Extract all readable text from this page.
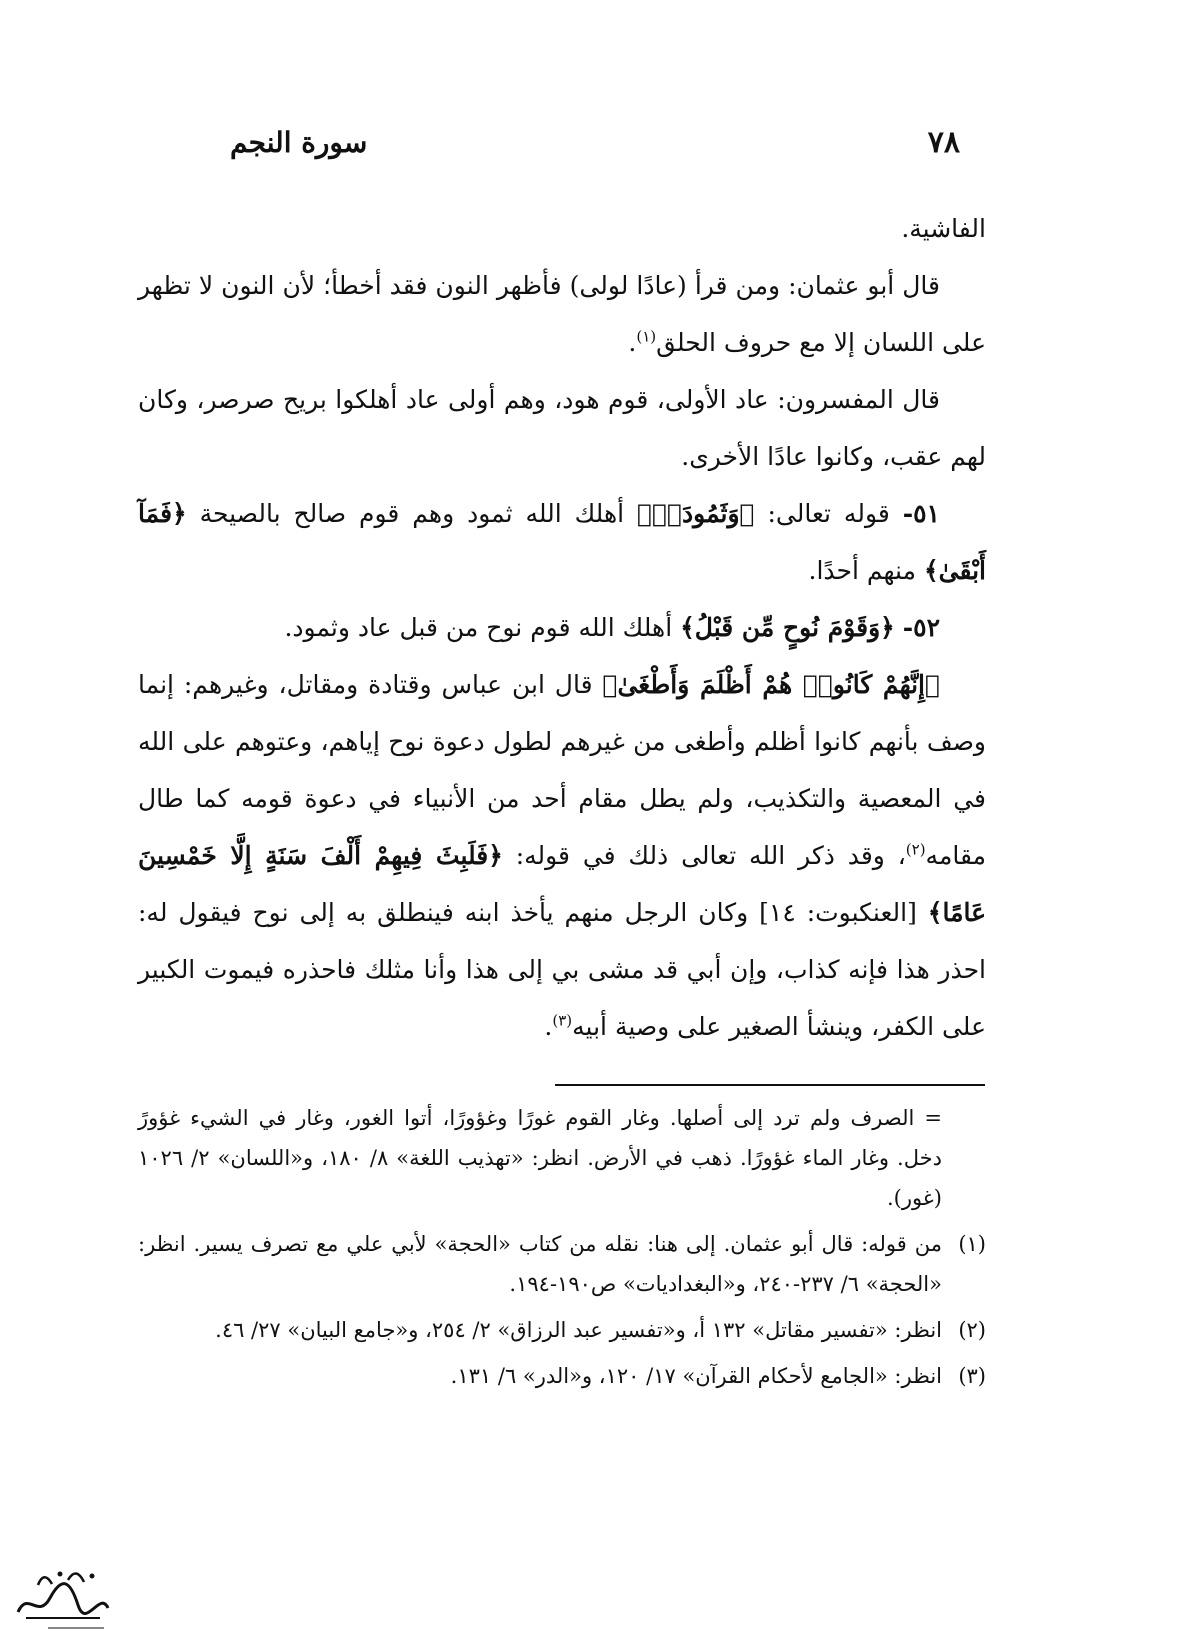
٧٨
سورة النجم

الفاشية.

قال أبو عثمان: ومن قرأ (عادًا لولى) فأظهر النون فقد أخطأ؛ لأن النون لا تظهر على اللسان إلا مع حروف الحلق$^{(١)}$.

قال المفسرون: عاد الأولى، قوم هود، وهم أولى عاد أهلكوا بريح صرصر، وكان لهم عقب، وكانوا عادًا الأخرى.

٥١- قوله تعالى: ﴿وَثَمُودَا۟﴾ أهلك الله ثمود وهم قوم صالح بالصيحة ﴿فَمَآ أَبْقَىٰ﴾ منهم أحدًا.

٥٢- ﴿وَقَوْمَ نُوحٍ مِّن قَبْلُ﴾ أهلك الله قوم نوح من قبل عاد وثمود.

﴿إِنَّهُمْ كَانُوا۟ هُمْ أَظْلَمَ وَأَطْغَىٰ﴾ قال ابن عباس وقتادة ومقاتل، وغيرهم: إنما وصف بأنهم كانوا أظلم وأطغى من غيرهم لطول دعوة نوح إياهم، وعتوهم على الله في المعصية والتكذيب، ولم يطل مقام أحد من الأنبياء في دعوة قومه كما طال مقامه$^{(٢)}$، وقد ذكر الله تعالى ذلك في قوله: ﴿فَلَبِثَ فِيهِمْ أَلْفَ سَنَةٍ إِلَّا خَمْسِينَ عَامًا﴾ [العنكبوت: ١٤] وكان الرجل منهم يأخذ ابنه فينطلق به إلى نوح فيقول له: احذر هذا فإنه كذاب، وإن أبي قد مشى بي إلى هذا وأنا مثلك فاحذره فيموت الكبير على الكفر، وينشأ الصغير على وصية أبيه$^{(٣)}$.

= الصرف ولم ترد إلى أصلها. وغار القوم غورًا وغؤورًا، أتوا الغور، وغار في الشيء غؤورً دخل. وغار الماء غؤورًا. ذهب في الأرض. انظر: «تهذيب اللغة» ٨/ ١٨٠، و«اللسان» ٢/ ١٠٢٦ (غور).

(١)
من قوله: قال أبو عثمان. إلى هنا: نقله من كتاب «الحجة» لأبي علي مع تصرف يسير. انظر: «الحجة» ٦/ ٢٣٧-٢٤٠، و«البغداديات» ص١٩٠-١٩٤.

(٢)
انظر: «تفسير مقاتل» ١٣٢ أ، و«تفسير عبد الرزاق» ٢/ ٢٥٤، و«جامع البيان» ٢٧/ ٤٦.

(٣)
انظر: «الجامع لأحكام القرآن» ١٧/ ١٢٠، و«الدر» ٦/ ١٣١.
